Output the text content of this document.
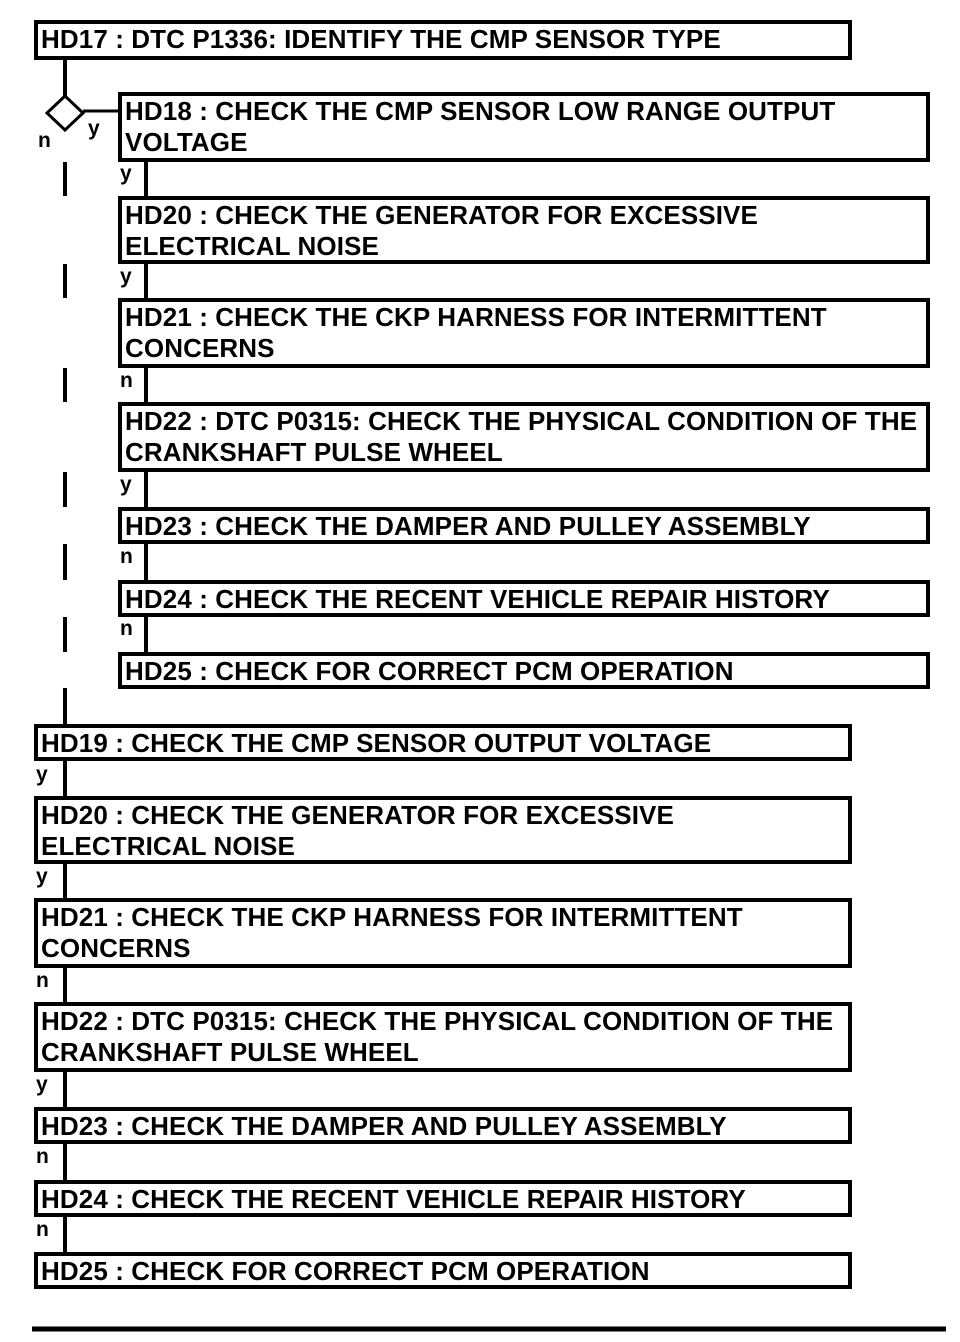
HD17 : DTC P1336: IDENTIFY THE CMP SENSOR TYPE
n
y
HD18 : CHECK THE CMP SENSOR LOW RANGE OUTPUT VOLTAGE
y
HD20 : CHECK THE GENERATOR FOR EXCESSIVE ELECTRICAL NOISE
y
HD21 : CHECK THE CKP HARNESS FOR INTERMITTENT CONCERNS
n
HD22 : DTC P0315: CHECK THE PHYSICAL CONDITION OF THE CRANKSHAFT PULSE WHEEL
y
HD23 : CHECK THE DAMPER AND PULLEY ASSEMBLY
n
HD24 : CHECK THE RECENT VEHICLE REPAIR HISTORY
n
HD25 : CHECK FOR CORRECT PCM OPERATION
HD19 : CHECK THE CMP SENSOR OUTPUT VOLTAGE
y
HD20 : CHECK THE GENERATOR FOR EXCESSIVE ELECTRICAL NOISE
y
HD21 : CHECK THE CKP HARNESS FOR INTERMITTENT CONCERNS
n
HD22 : DTC P0315: CHECK THE PHYSICAL CONDITION OF THE CRANKSHAFT PULSE WHEEL
y
HD23 : CHECK THE DAMPER AND PULLEY ASSEMBLY
n
HD24 : CHECK THE RECENT VEHICLE REPAIR HISTORY
n
HD25 : CHECK FOR CORRECT PCM OPERATION
